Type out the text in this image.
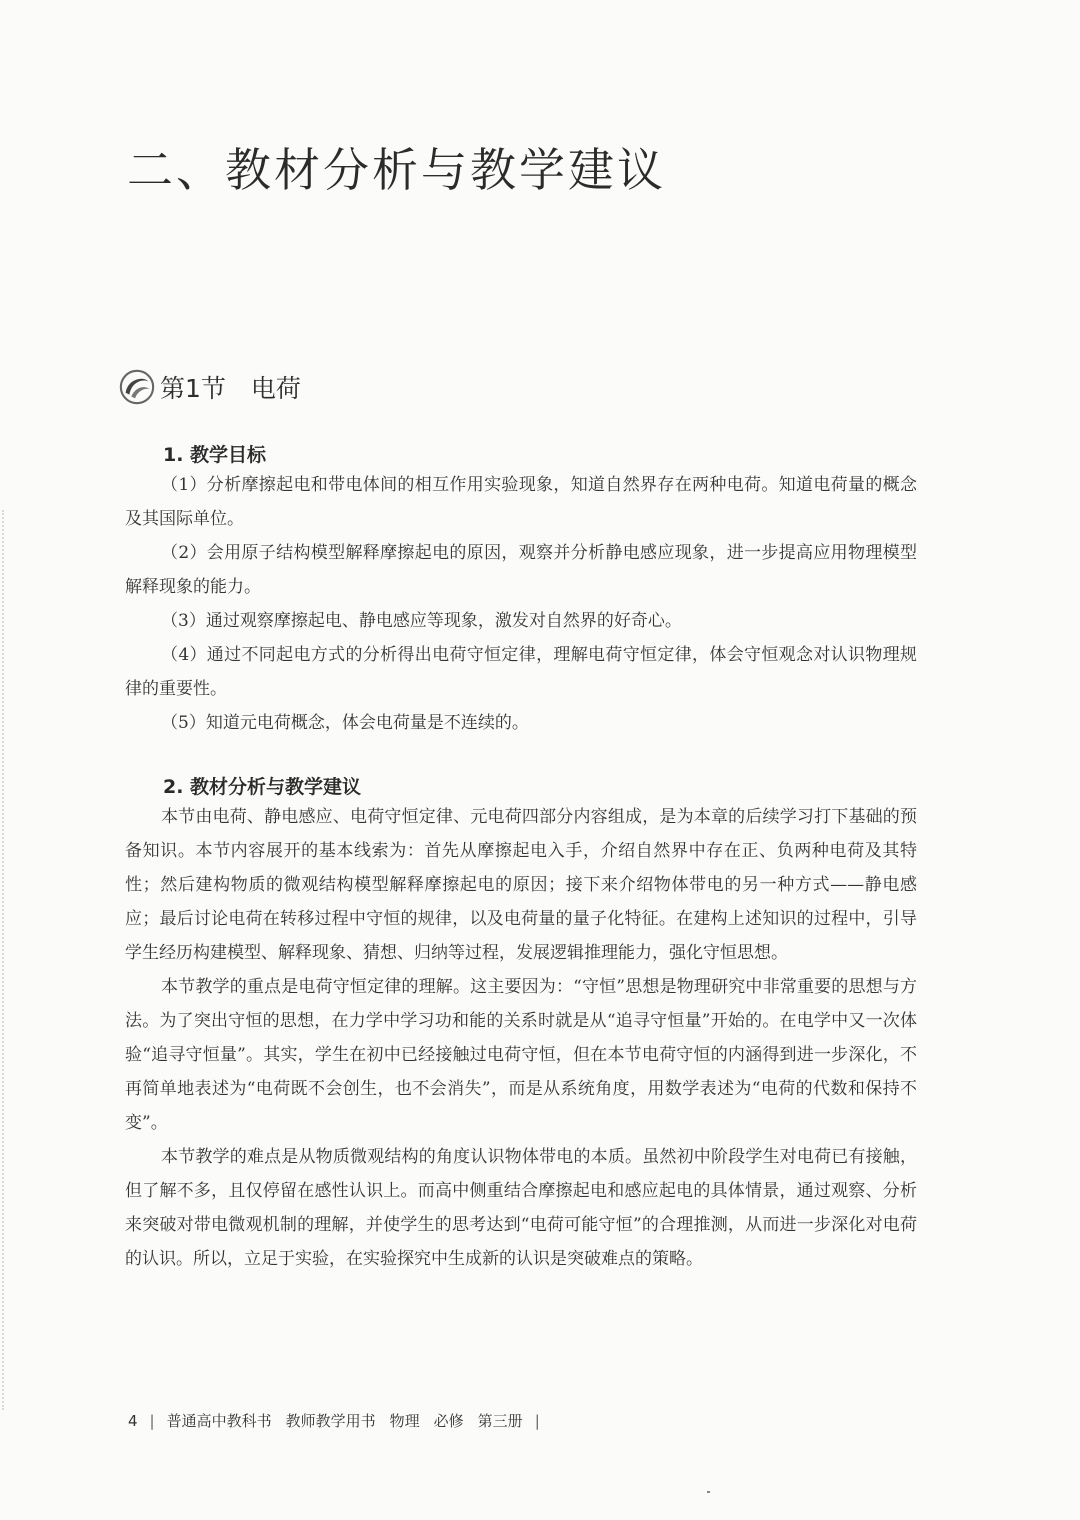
二、教材分析与教学建议
第1节　电荷
1. 教学目标

（1）分析摩擦起电和带电体间的相互作用实验现象，知道自然界存在两种电荷。知道电荷量的概念及其国际单位。

（2）会用原子结构模型解释摩擦起电的原因，观察并分析静电感应现象，进一步提高应用物理模型解释现象的能力。

（3）通过观察摩擦起电、静电感应等现象，激发对自然界的好奇心。

（4）通过不同起电方式的分析得出电荷守恒定律，理解电荷守恒定律，体会守恒观念对认识物理规律的重要性。

（5）知道元电荷概念，体会电荷量是不连续的。

2. 教材分析与教学建议

本节由电荷、静电感应、电荷守恒定律、元电荷四部分内容组成，是为本章的后续学习打下基础的预备知识。本节内容展开的基本线索为：首先从摩擦起电入手，介绍自然界中存在正、负两种电荷及其特性；然后建构物质的微观结构模型解释摩擦起电的原因；接下来介绍物体带电的另一种方式——静电感应；最后讨论电荷在转移过程中守恒的规律，以及电荷量的量子化特征。在建构上述知识的过程中，引导学生经历构建模型、解释现象、猜想、归纳等过程，发展逻辑推理能力，强化守恒思想。

本节教学的重点是电荷守恒定律的理解。这主要因为：“守恒”思想是物理研究中非常重要的思想与方法。为了突出守恒的思想，在力学中学习功和能的关系时就是从“追寻守恒量”开始的。在电学中又一次体验“追寻守恒量”。其实，学生在初中已经接触过电荷守恒，但在本节电荷守恒的内涵得到进一步深化，不再简单地表述为“电荷既不会创生，也不会消失”，而是从系统角度，用数学表述为“电荷的代数和保持不变”。

本节教学的难点是从物质微观结构的角度认识物体带电的本质。虽然初中阶段学生对电荷已有接触，但了解不多，且仅停留在感性认识上。而高中侧重结合摩擦起电和感应起电的具体情景，通过观察、分析来突破对带电微观机制的理解，并使学生的思考达到“电荷可能守恒”的合理推测，从而进一步深化对电荷的认识。所以，立足于实验，在实验探究中生成新的认识是突破难点的策略。

4 | 普通高中教科书 教师教学用书 物理 必修 第三册 |
